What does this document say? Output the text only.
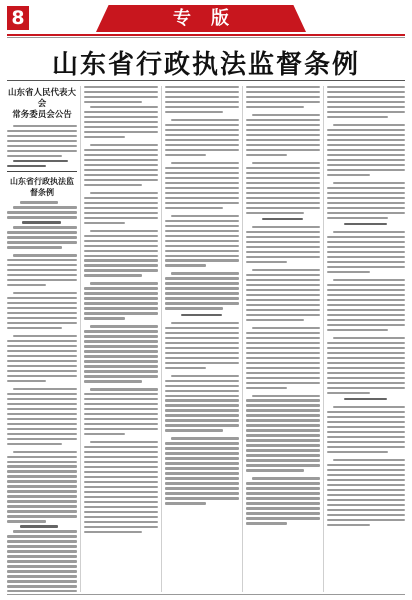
8	专版
山东省行政执法监督条例
山东省人民代表大会
常务委员会公告
山东省行政执法监督条例
